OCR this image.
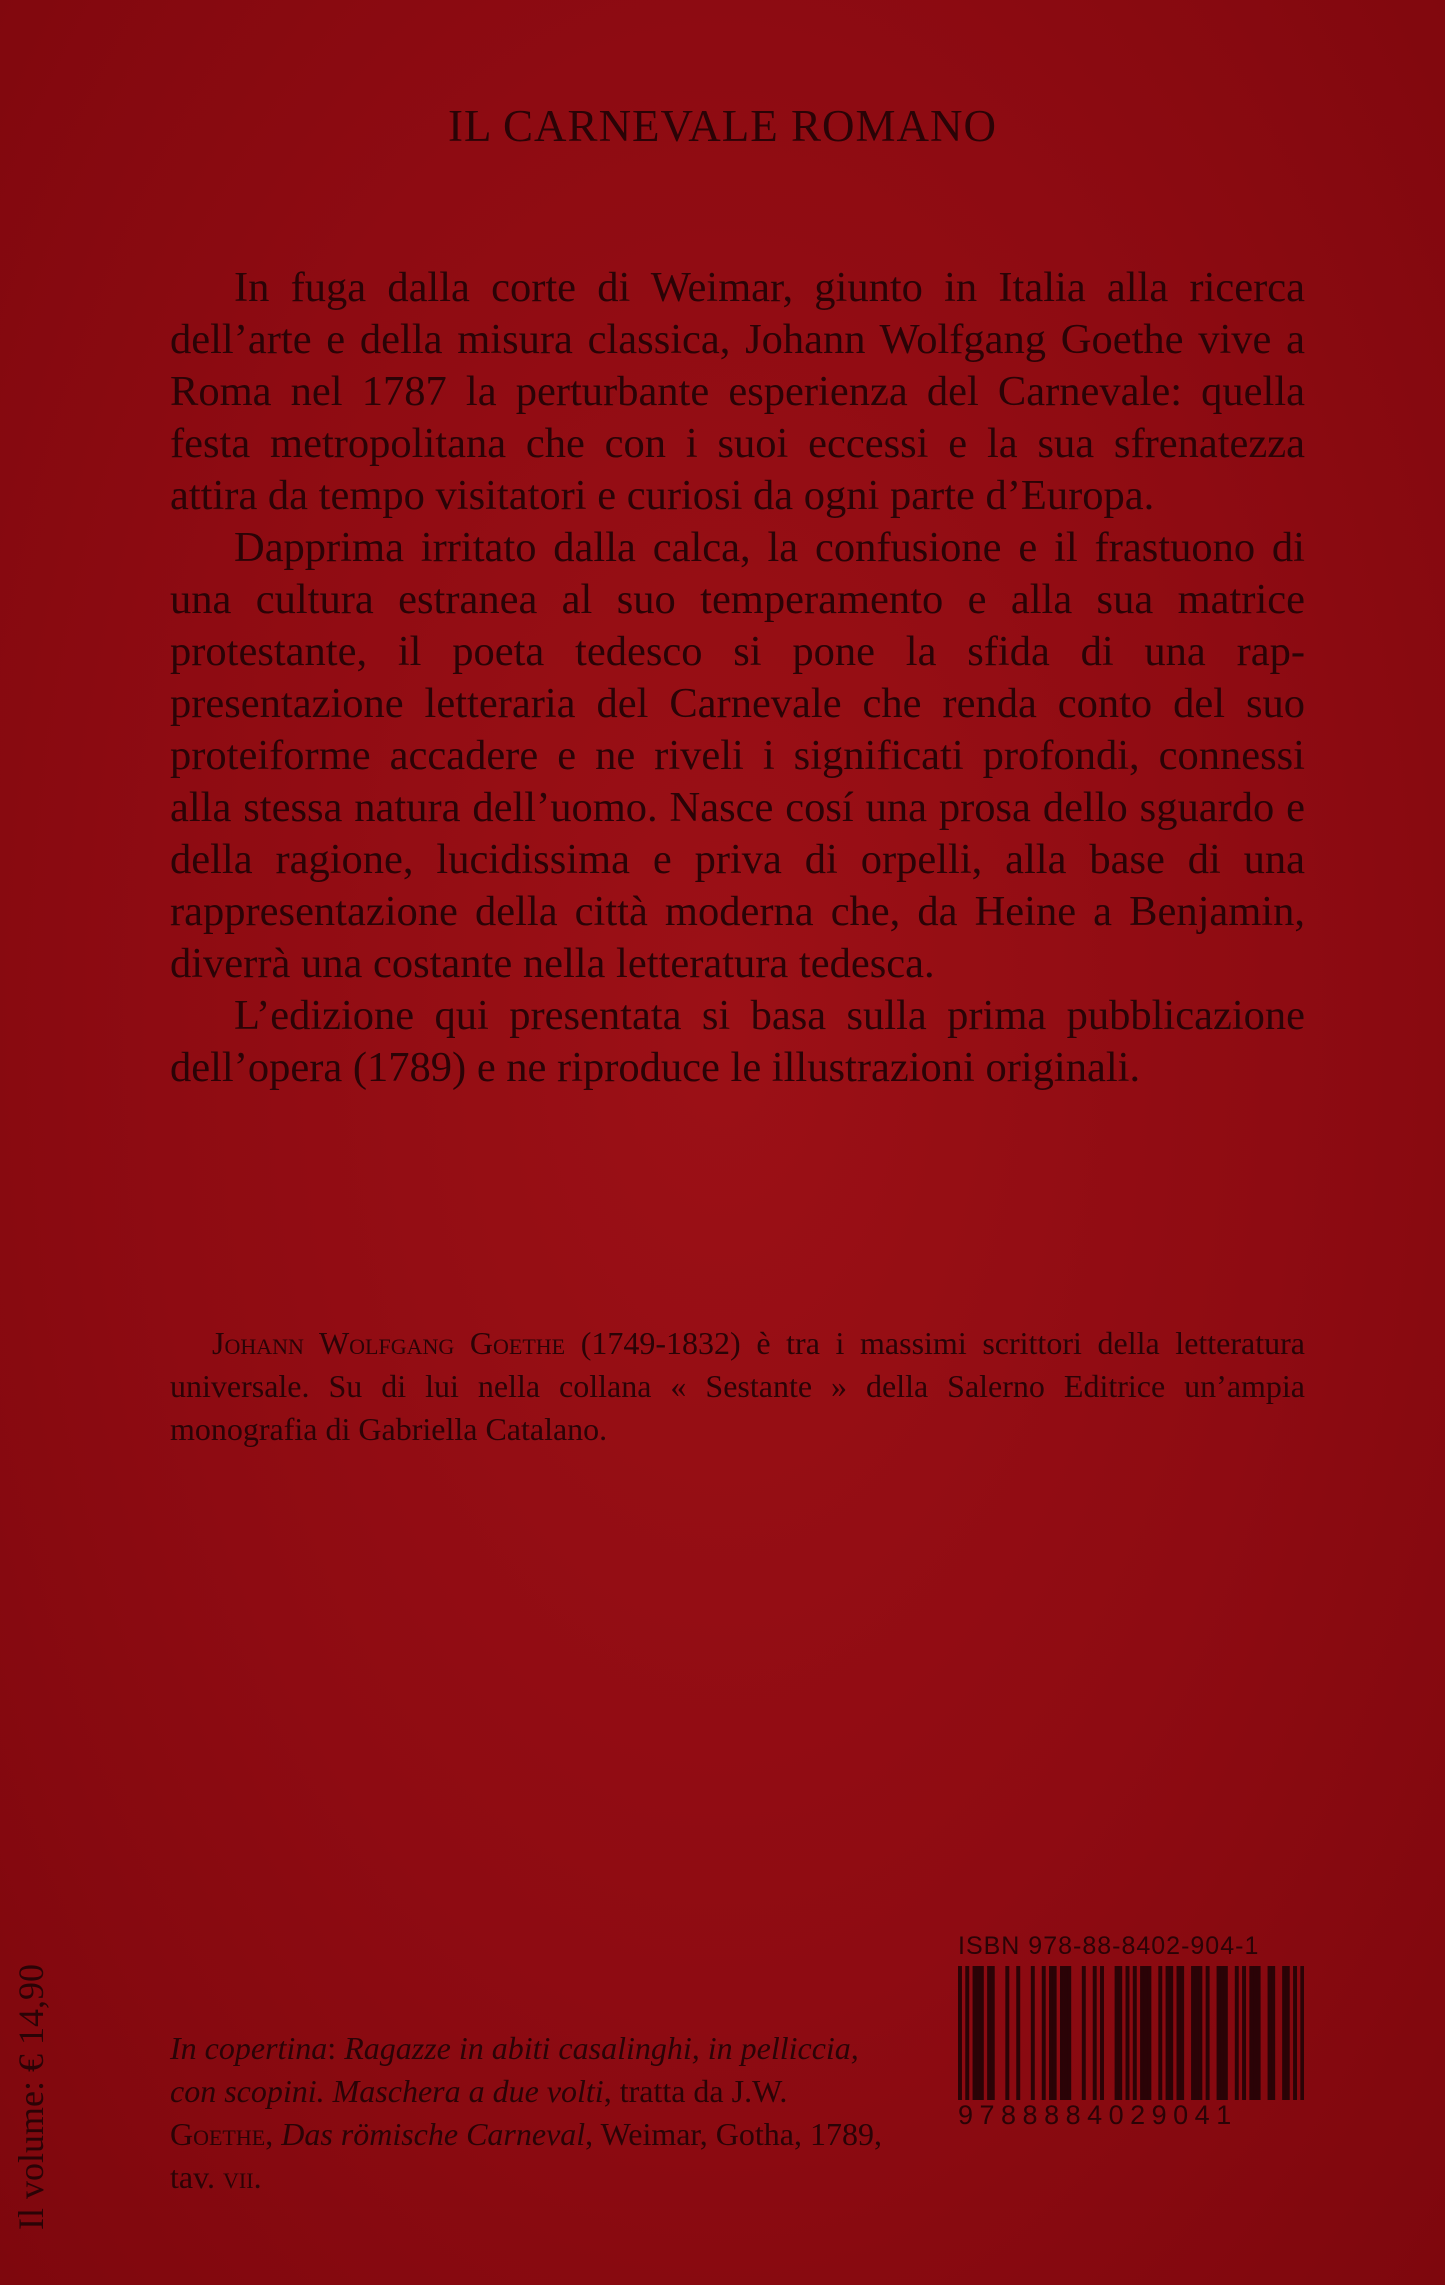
IL CARNEVALE ROMANO

In fuga dalla corte di Weimar, giunto in Italia alla ricerca dell’arte e della misura classica, Johann Wolfgang Goethe vive a Roma nel 1787 la perturbante esperienza del Carnevale: quella festa metropolitana che con i suoi eccessi e la sua sfrenatezza attira da tempo visitatori e curiosi da ogni parte d’Europa.

Dapprima irritato dalla calca, la confusione e il frastuono di una cultura estranea al suo temperamento e alla sua matrice protestante, il poeta tedesco si pone la sfida di una rappresentazione letteraria del Carnevale che renda conto del suo proteiforme accadere e ne riveli i significati profondi, connessi alla stessa natura dell’uomo. Nasce cosí una prosa dello sguardo e della ragione, lucidissima e priva di orpelli, alla base di una rappresentazione della città moderna che, da Heine a Benjamin, diverrà una costante nella letteratura tedesca.

L’edizione qui presentata si basa sulla prima pubblicazione dell’opera (1789) e ne riproduce le illustrazioni originali.

Johann Wolfgang Goethe (1749-1832) è tra i massimi scrittori della letteratura universale. Su di lui nella collana « Sestante » della Salerno Editrice un’ampia monografia di Gabriella Catalano.
In copertina: Ragazze in abiti casalinghi, in pelliccia, con scopini. Maschera a due volti, tratta da J.W. Goethe, Das römische Carneval, Weimar, Gotha, 1789, tav. vii.
Il volume: € 14,90
ISBN 978-88-8402-904-1
9788884029041
